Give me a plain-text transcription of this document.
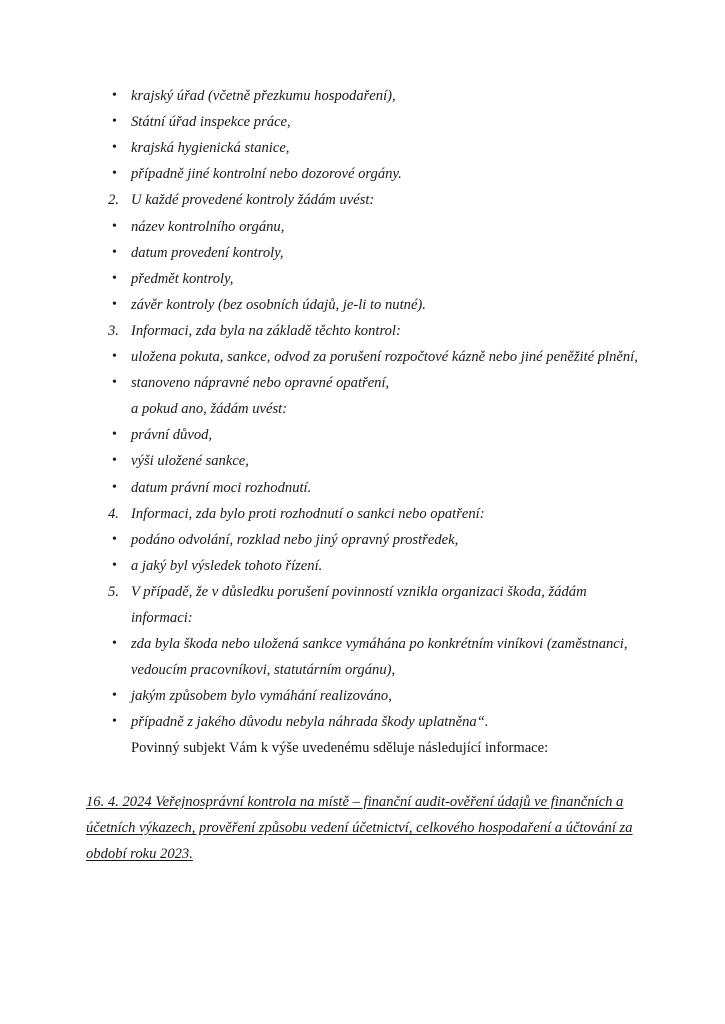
• krajský úřad (včetně přezkumu hospodaření),
• Státní úřad inspekce práce,
• krajská hygienická stanice,
• případně jiné kontrolní nebo dozorové orgány.
2. U každé provedené kontroly žádám uvést:
• název kontrolního orgánu,
• datum provedení kontroly,
• předmět kontroly,
• závěr kontroly (bez osobních údajů, je-li to nutné).
3. Informaci, zda byla na základě těchto kontrol:
• uložena pokuta, sankce, odvod za porušení rozpočtové kázně nebo jiné peněžité plnění,
• stanoveno nápravné nebo opravné opatření,
a pokud ano, žádám uvést:
• právní důvod,
• výši uložené sankce,
• datum právní moci rozhodnutí.
4. Informaci, zda bylo proti rozhodnutí o sankci nebo opatření:
• podáno odvolání, rozklad nebo jiný opravný prostředek,
• a jaký byl výsledek tohoto řízení.
5. V případě, že v důsledku porušení povinností vznikla organizaci škoda, žádám
informaci:
• zda byla škoda nebo uložená sankce vymáhána po konkrétním viníkovi (zaměstnanci,
vedoucím pracovníkovi, statutárním orgánu),
• jakým způsobem bylo vymáhání realizováno,
• případně z jakého důvodu nebyla náhrada škody uplatněna“.
Povinný subjekt Vám k výše uvedenému sděluje následující informace:
16. 4. 2024 Veřejnosprávní kontrola na místě – finanční audit-ověření údajů ve finančních a
účetních výkazech, prověření způsobu vedení účetnictví, celkového hospodaření a účtování za
období roku 2023.
